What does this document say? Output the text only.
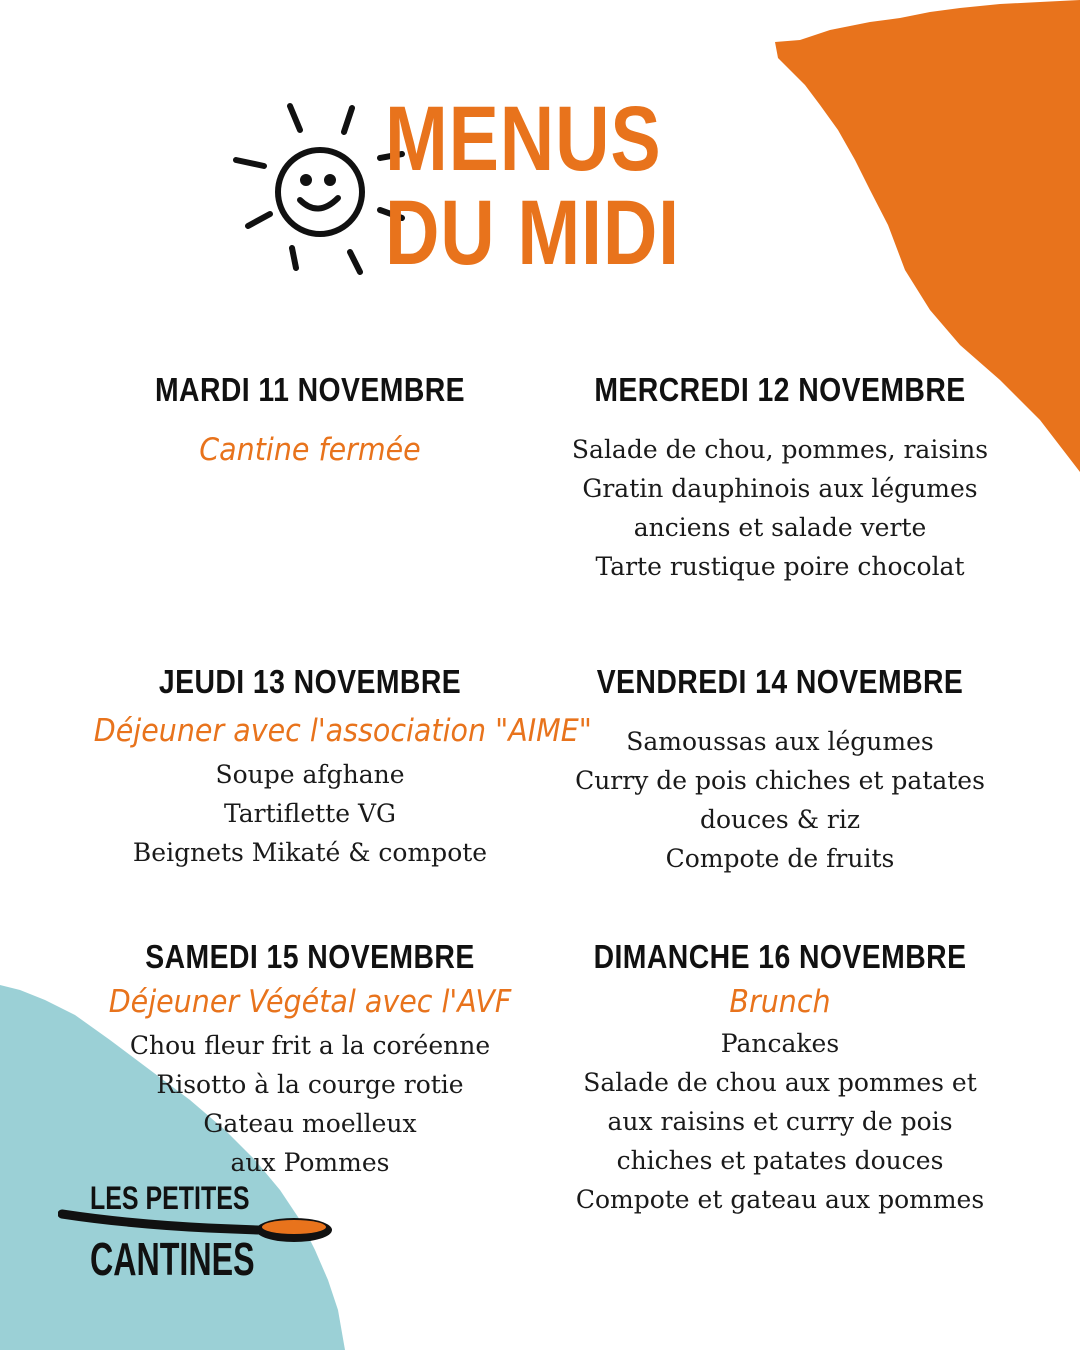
MENUS
DU MIDI
MARDI 11 NOVEMBRE
Cantine fermée
MERCREDI 12 NOVEMBRE
Salade de chou, pommes, raisins
Gratin dauphinois aux légumes
anciens et salade verte
Tarte rustique poire chocolat
JEUDI 13 NOVEMBRE
Déjeuner avec l'association "AIME"
Soupe afghane
Tartiflette VG
Beignets Mikaté & compote
VENDREDI 14 NOVEMBRE
Samoussas aux légumes
Curry de pois chiches et patates
douces & riz
Compote de fruits
SAMEDI 15 NOVEMBRE
Déjeuner Végétal avec l'AVF
Chou fleur frit a la coréenne
Risotto à la courge rotie
Gateau moelleux
aux Pommes
DIMANCHE 16 NOVEMBRE
Brunch
Pancakes
Salade de chou aux pommes et
aux raisins et curry de pois
chiches et patates douces
Compote et gateau aux pommes
LES PETITES
CANTINES
